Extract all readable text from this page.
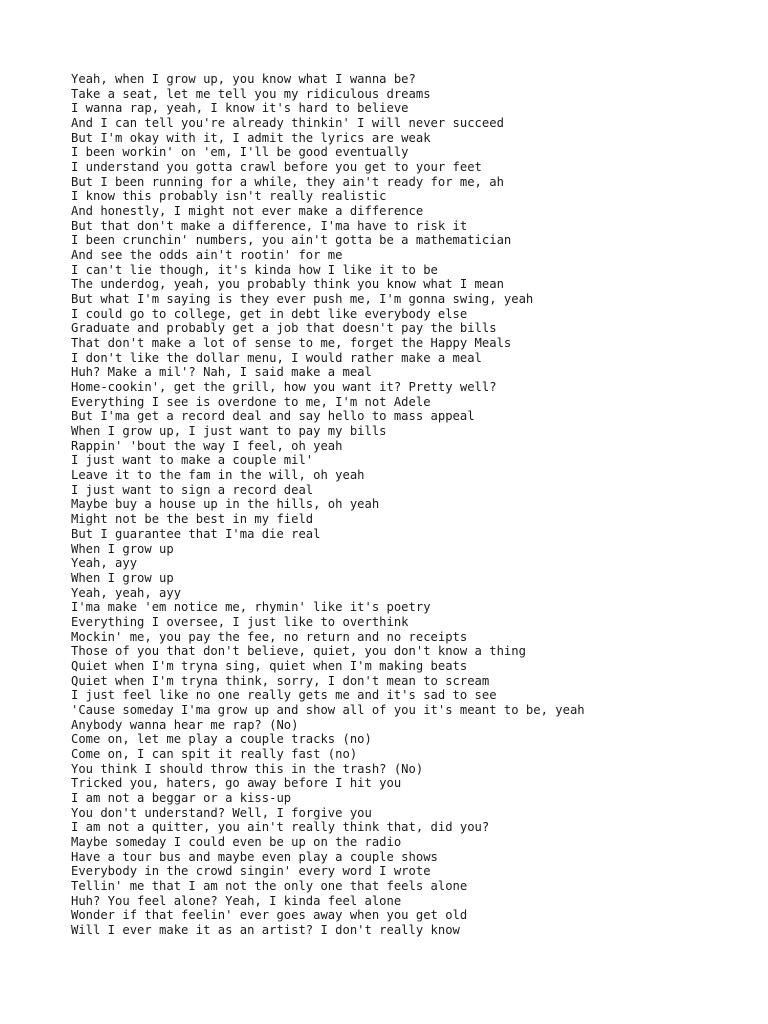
Yeah, when I grow up, you know what I wanna be?
Take a seat, let me tell you my ridiculous dreams
I wanna rap, yeah, I know it's hard to believe
And I can tell you're already thinkin' I will never succeed
But I'm okay with it, I admit the lyrics are weak
I been workin' on 'em, I'll be good eventually
I understand you gotta crawl before you get to your feet
But I been running for a while, they ain't ready for me, ah
I know this probably isn't really realistic
And honestly, I might not ever make a difference
But that don't make a difference, I'ma have to risk it
I been crunchin' numbers, you ain't gotta be a mathematician
And see the odds ain't rootin' for me
I can't lie though, it's kinda how I like it to be
The underdog, yeah, you probably think you know what I mean
But what I'm saying is they ever push me, I'm gonna swing, yeah
I could go to college, get in debt like everybody else
Graduate and probably get a job that doesn't pay the bills
That don't make a lot of sense to me, forget the Happy Meals
I don't like the dollar menu, I would rather make a meal
Huh? Make a mil'? Nah, I said make a meal
Home-cookin', get the grill, how you want it? Pretty well?
Everything I see is overdone to me, I'm not Adele
But I'ma get a record deal and say hello to mass appeal
When I grow up, I just want to pay my bills
Rappin' 'bout the way I feel, oh yeah
I just want to make a couple mil'
Leave it to the fam in the will, oh yeah
I just want to sign a record deal
Maybe buy a house up in the hills, oh yeah
Might not be the best in my field
But I guarantee that I'ma die real
When I grow up
Yeah, ayy
When I grow up
Yeah, yeah, ayy
I'ma make 'em notice me, rhymin' like it's poetry
Everything I oversee, I just like to overthink
Mockin' me, you pay the fee, no return and no receipts
Those of you that don't believe, quiet, you don't know a thing
Quiet when I'm tryna sing, quiet when I'm making beats
Quiet when I'm tryna think, sorry, I don't mean to scream
I just feel like no one really gets me and it's sad to see
'Cause someday I'ma grow up and show all of you it's meant to be, yeah
Anybody wanna hear me rap? (No)
Come on, let me play a couple tracks (no)
Come on, I can spit it really fast (no)
You think I should throw this in the trash? (No)
Tricked you, haters, go away before I hit you
I am not a beggar or a kiss-up
You don't understand? Well, I forgive you
I am not a quitter, you ain't really think that, did you?
Maybe someday I could even be up on the radio
Have a tour bus and maybe even play a couple shows
Everybody in the crowd singin' every word I wrote
Tellin' me that I am not the only one that feels alone
Huh? You feel alone? Yeah, I kinda feel alone
Wonder if that feelin' ever goes away when you get old
Will I ever make it as an artist? I don't really know
